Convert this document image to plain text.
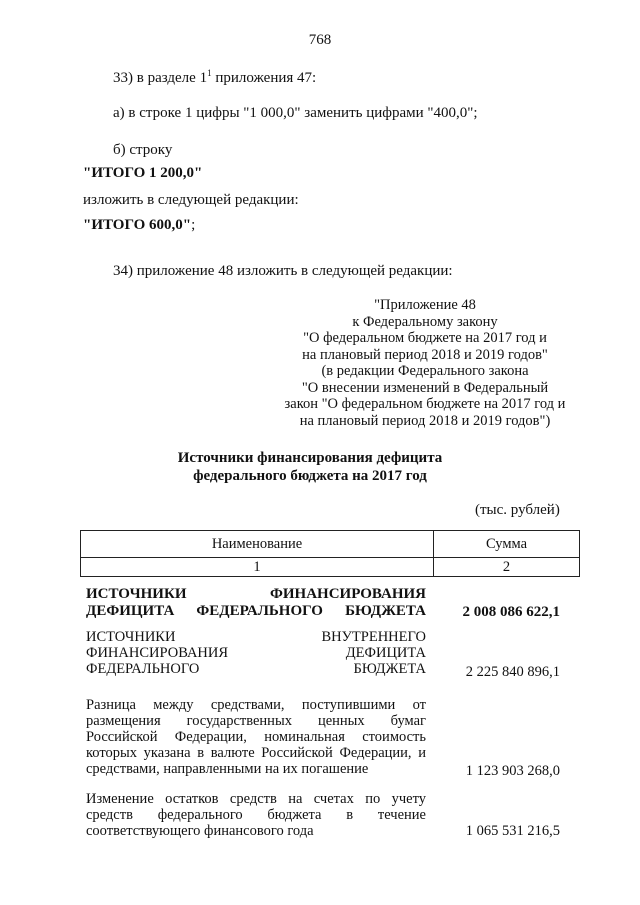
768
33) в разделе $1^1$ приложения 47:
а) в строке 1 цифры "1 000,0" заменить цифрами "400,0";
б) строку
"ИТОГО 1 200,0"
изложить в следующей редакции:
"ИТОГО 600,0";
34) приложение 48 изложить в следующей редакции:
"Приложение 48
к Федеральному закону
"О федеральном бюджете на 2017 год и
на плановый период 2018 и 2019 годов"
(в редакции Федерального закона
"О внесении изменений в Федеральный
закон "О федеральном бюджете на 2017 год и
на плановый период 2018 и 2019 годов")
Источники финансирования дефицита
федерального бюджета на 2017 год
(тыс. рублей)
Наименование	Сумма
1	2
ИСТОЧНИКИ ФИНАНСИРОВАНИЯ ДЕФИЦИТА ФЕДЕРАЛЬНОГО БЮДЖЕТА	2 008 086 622,1
ИСТОЧНИКИ ВНУТРЕННЕГО ФИНАНСИРОВАНИЯ ДЕФИЦИТА ФЕДЕРАЛЬНОГО БЮДЖЕТА	2 225 840 896,1
Разница между средствами, поступившими от размещения государственных ценных бумаг Российской Федерации, номинальная стоимость которых указана в валюте Российской Федерации, и средствами, направленными на их погашение	1 123 903 268,0
Изменение остатков средств на счетах по учету средств федерального бюджета в течение соответствующего финансового года	1 065 531 216,5
